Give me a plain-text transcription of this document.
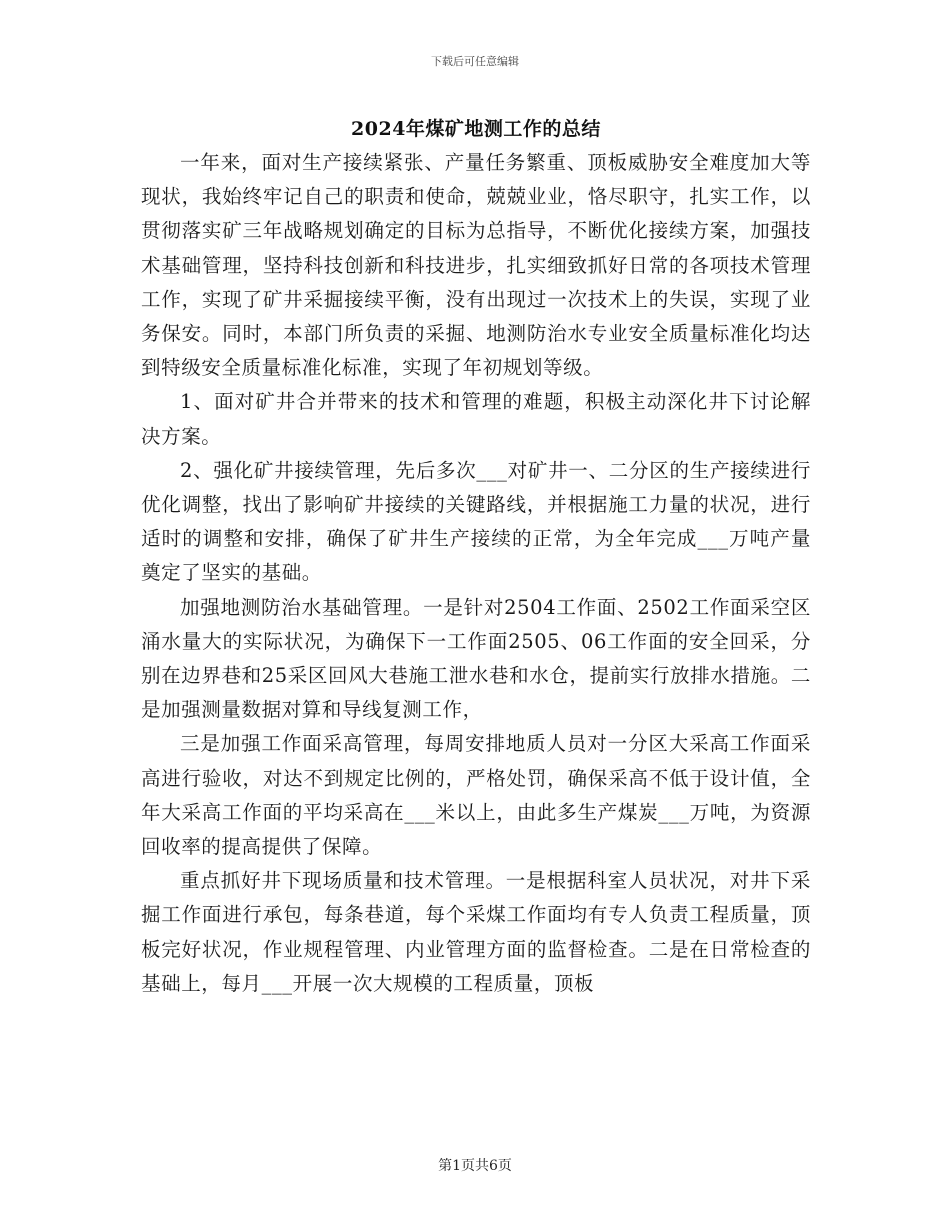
下载后可任意编辑
2024年煤矿地测工作的总结

一年来，面对生产接续紧张、产量任务繁重、顶板威胁安全难度加大等现状，我始终牢记自己的职责和使命，兢兢业业，恪尽职守，扎实工作，以贯彻落实矿三年战略规划确定的目标为总指导，不断优化接续方案，加强技术基础管理，坚持科技创新和科技进步，扎实细致抓好日常的各项技术管理工作，实现了矿井采掘接续平衡，没有出现过一次技术上的失误，实现了业务保安。同时，本部门所负责的采掘、地测防治水专业安全质量标准化均达到特级安全质量标准化标准，实现了年初规划等级。

1、面对矿井合并带来的技术和管理的难题，积极主动深化井下讨论解决方案。

2、强化矿井接续管理，先后多次___对矿井一、二分区的生产接续进行优化调整，找出了影响矿井接续的关键路线，并根据施工力量的状况，进行适时的调整和安排，确保了矿井生产接续的正常，为全年完成___万吨产量奠定了坚实的基础。

加强地测防治水基础管理。一是针对2504工作面、2502工作面采空区涌水量大的实际状况，为确保下一工作面2505、06工作面的安全回采，分别在边界巷和25采区回风大巷施工泄水巷和水仓，提前实行放排水措施。二是加强测量数据对算和导线复测工作，

三是加强工作面采高管理，每周安排地质人员对一分区大采高工作面采高进行验收，对达不到规定比例的，严格处罚，确保采高不低于设计值，全年大采高工作面的平均采高在___米以上，由此多生产煤炭___万吨，为资源回收率的提高提供了保障。

重点抓好井下现场质量和技术管理。一是根据科室人员状况，对井下采掘工作面进行承包，每条巷道，每个采煤工作面均有专人负责工程质量，顶板完好状况，作业规程管理、内业管理方面的监督检查。二是在日常检查的基础上，每月___开展一次大规模的工程质量，顶板

第1页共6页
